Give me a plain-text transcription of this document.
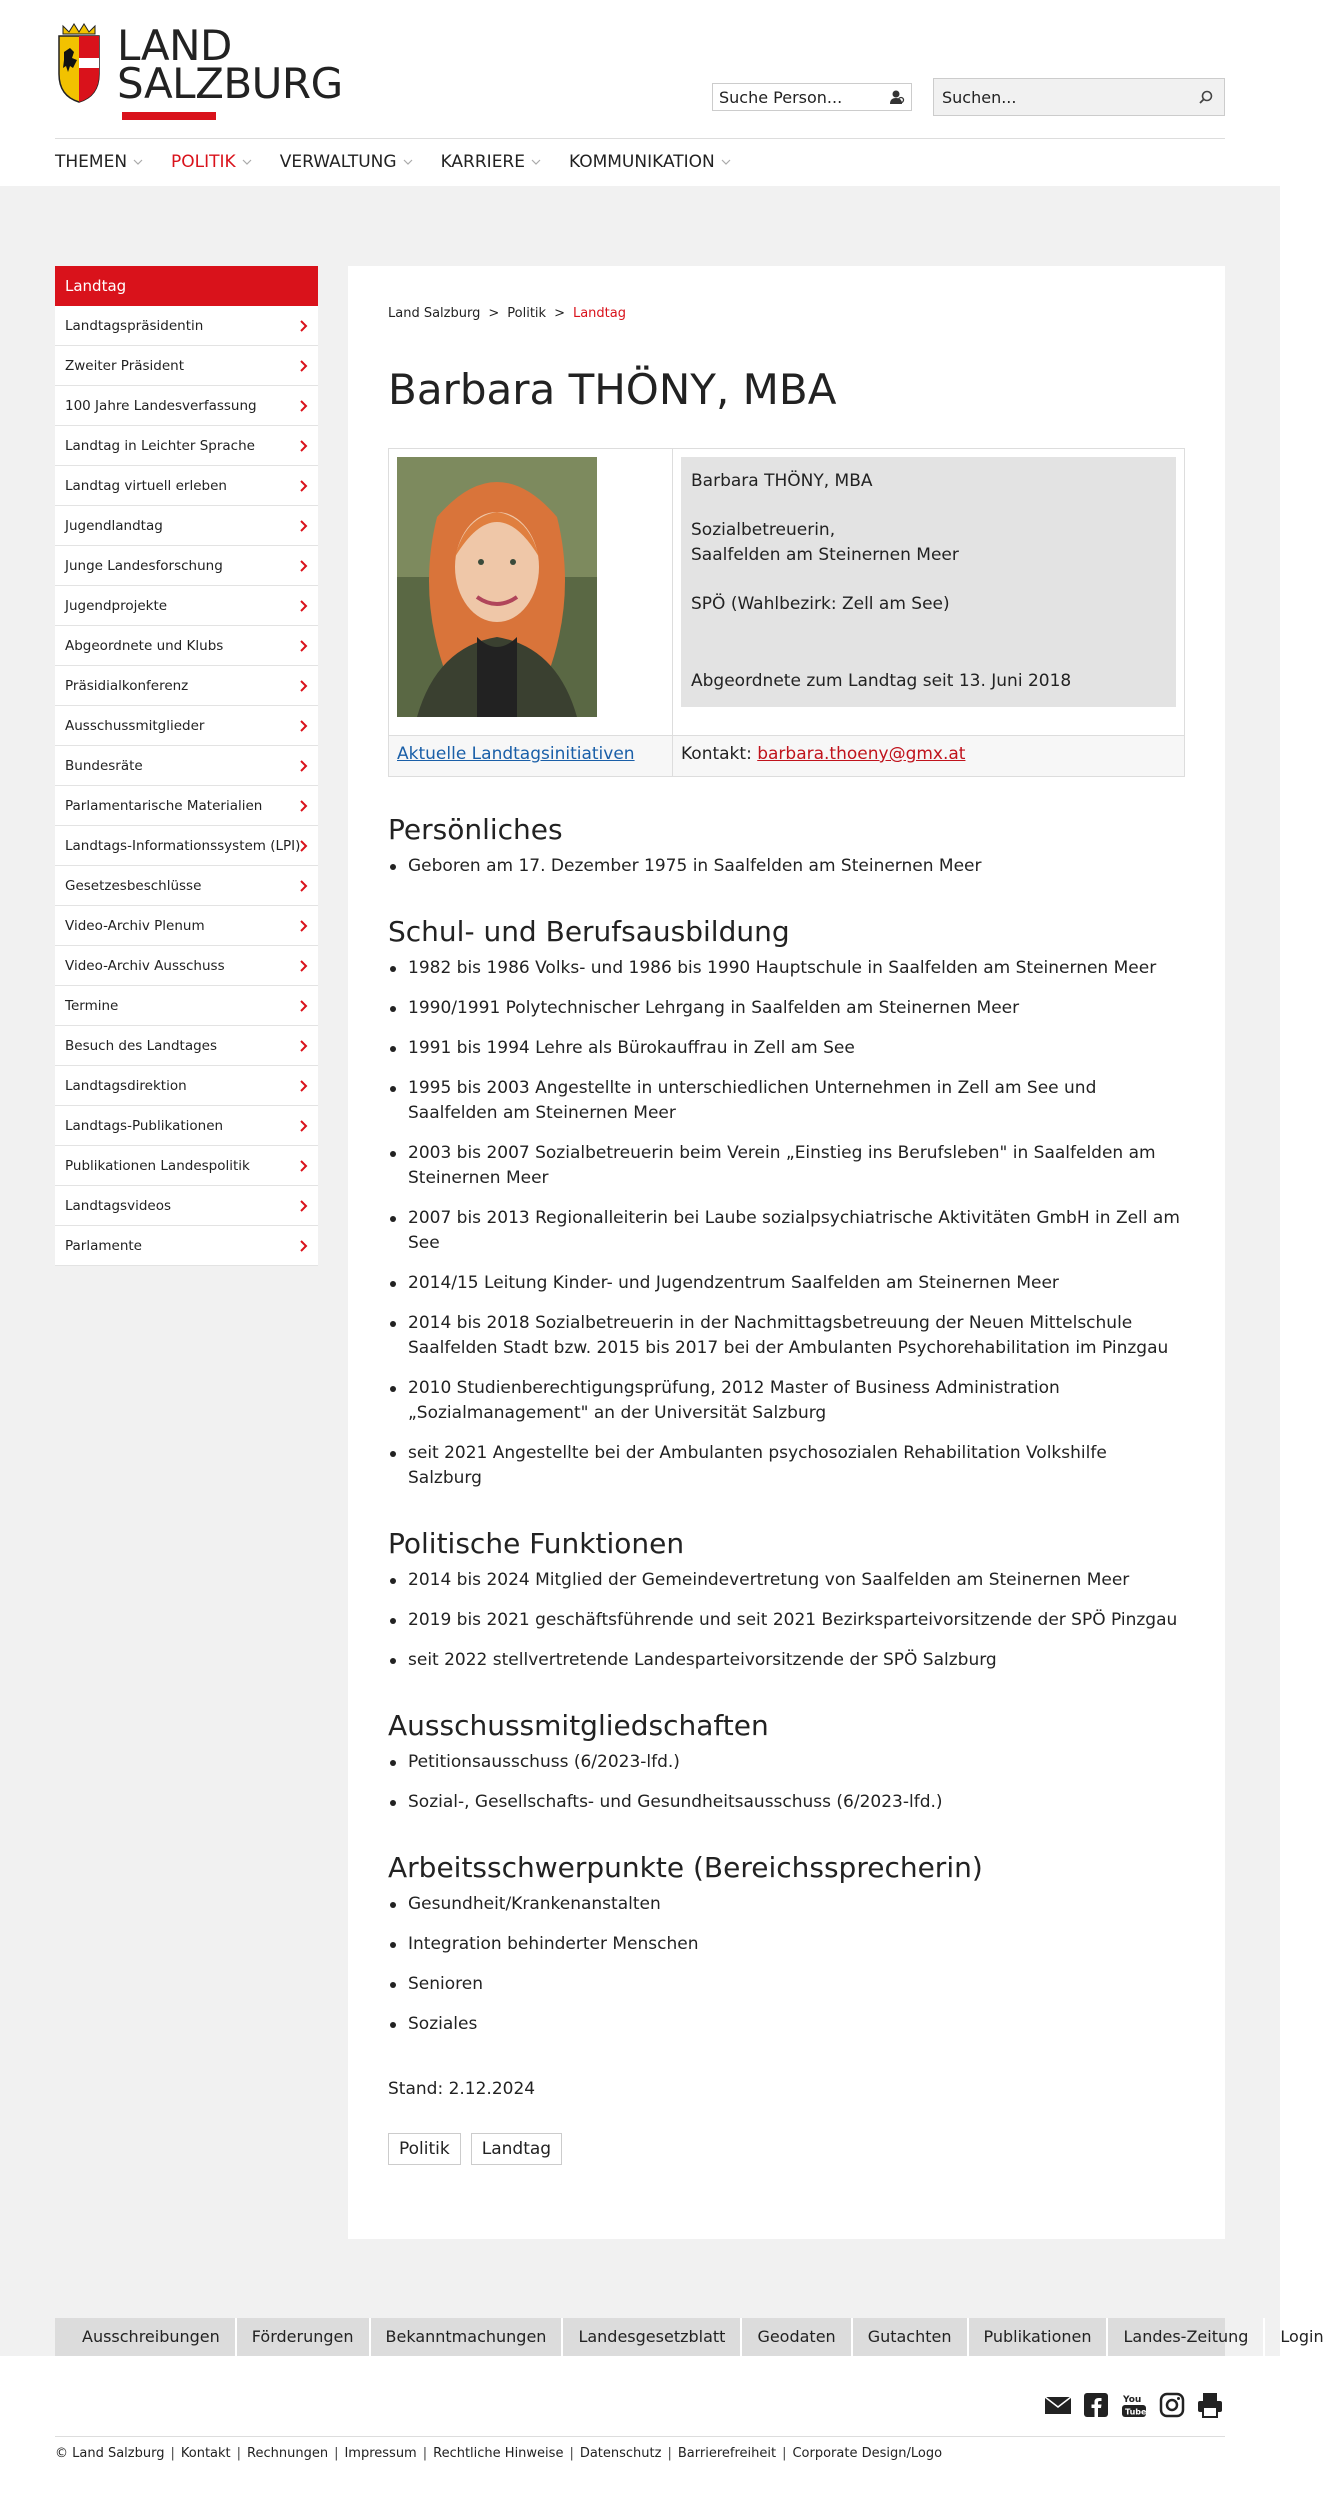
LAND
SALZBURG	Suche Person...	Suchen...
THEMEN	POLITIK	VERWALTUNG	KARRIERE	KOMMUNIKATION
Landtag
Landtagspräsidentin
Zweiter Präsident
100 Jahre Landesverfassung
Landtag in Leichter Sprache
Landtag virtuell erleben
Jugendlandtag
Junge Landesforschung
Jugendprojekte
Abgeordnete und Klubs
Präsidialkonferenz
Ausschussmitglieder
Bundesräte
Parlamentarische Materialien
Landtags-Informationssystem (LPI)
Gesetzesbeschlüsse
Video-Archiv Plenum
Video-Archiv Ausschuss
Termine
Besuch des Landtages
Landtagsdirektion
Landtags-Publikationen
Publikationen Landespolitik
Landtagsvideos
Parlamente
Land Salzburg > Politik > Landtag
Barbara THÖNY, MBA

Barbara THÖNY, MBA

Sozialbetreuerin,
Saalfelden am Steinernen Meer

SPÖ (Wahlbezirk: Zell am See)

Abgeordnete zum Landtag seit 13. Juni 2018

Aktuelle Landtagsinitiativen	Kontakt: barbara.thoeny@gmx.at
Persönliches
Geboren am 17. Dezember 1975 in Saalfelden am Steinernen Meer
Schul- und Berufsausbildung
1982 bis 1986 Volks- und 1986 bis 1990 Hauptschule in Saalfelden am Steinernen Meer
1990/1991 Polytechnischer Lehrgang in Saalfelden am Steinernen Meer
1991 bis 1994 Lehre als Bürokauffrau in Zell am See
1995 bis 2003 Angestellte in unterschiedlichen Unternehmen in Zell am See und Saalfelden am Steinernen Meer
2003 bis 2007 Sozialbetreuerin beim Verein „Einstieg ins Berufsleben" in Saalfelden am Steinernen Meer
2007 bis 2013 Regionalleiterin bei Laube sozialpsychiatrische Aktivitäten GmbH in Zell am See
2014/15 Leitung Kinder- und Jugendzentrum Saalfelden am Steinernen Meer
2014 bis 2018 Sozialbetreuerin in der Nachmittagsbetreuung der Neuen Mittelschule Saalfelden Stadt bzw. 2015 bis 2017 bei der Ambulanten Psychorehabilitation im Pinzgau
2010 Studienberechtigungsprüfung, 2012 Master of Business Administration „Sozialmanagement" an der Universität Salzburg
seit 2021 Angestellte bei der Ambulanten psychosozialen Rehabilitation Volkshilfe Salzburg
Politische Funktionen
2014 bis 2024 Mitglied der Gemeindevertretung von Saalfelden am Steinernen Meer
2019 bis 2021 geschäftsführende und seit 2021 Bezirksparteivorsitzende der SPÖ Pinzgau
seit 2022 stellvertretende Landesparteivorsitzende der SPÖ Salzburg
Ausschussmitgliedschaften
Petitionsausschuss (6/2023-lfd.)
Sozial-, Gesellschafts- und Gesundheitsausschuss (6/2023-lfd.)
Arbeitsschwerpunkte (Bereichssprecherin)
Gesundheit/Krankenanstalten
Integration behinderter Menschen
Senioren
Soziales
Stand: 2.12.2024
Politik	Landtag
Ausschreibungen	Förderungen	Bekanntmachungen	Landesgesetzblatt	Geodaten	Gutachten	Publikationen	Landes-Zeitung	Login
You
Tube
© Land Salzburg | Kontakt | Rechnungen | Impressum | Rechtliche Hinweise | Datenschutz | Barrierefreiheit | Corporate Design/Logo
